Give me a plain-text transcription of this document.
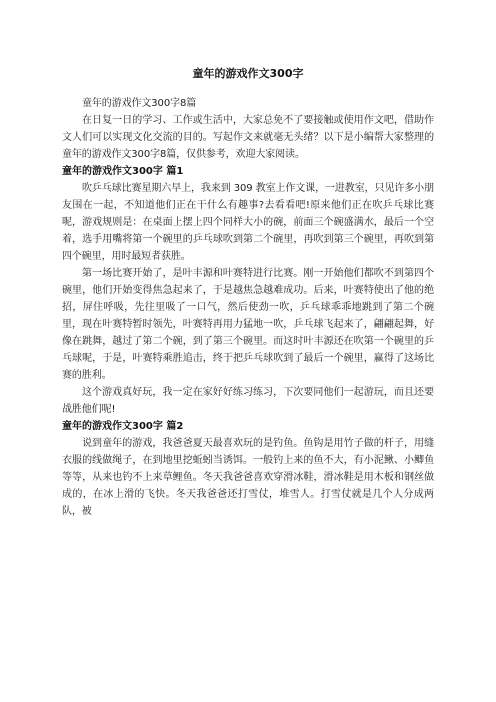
童年的游戏作文300字

童年的游戏作文300字8篇

在日复一日的学习、工作或生活中，大家总免不了要接触或使用作文吧，借助作文人们可以实现文化交流的目的。写起作文来就毫无头绪？以下是小编帮大家整理的童年的游戏作文300字8篇，仅供参考，欢迎大家阅读。

童年的游戏作文300字 篇1

吹乒乓球比赛星期六早上，我来到 309 教室上作文课，一进教室，只见许多小朋友围在一起，不知道他们正在干什么有趣事?去看看吧!原来他们正在吹乒乓球比赛呢，游戏规则是：在桌面上摆上四个同样大小的碗，前面三个碗盛满水，最后一个空着，选手用嘴将第一个碗里的乒乓球吹到第二个碗里，再吹到第三个碗里，再吹到第四个碗里，用时最短者获胜。

第一场比赛开始了，是叶丰源和叶赛特进行比赛。刚一开始他们都吹不到第四个碗里，他们开始变得焦急起来了，于是越焦急越难成功。后来，叶赛特使出了他的绝招，屏住呼吸，先往里吸了一口气，然后使劲一吹，乒乓球乖乖地跳到了第二个碗里，现在叶赛特暂时领先，叶赛特再用力猛地一吹，乒乓球飞起来了，翩翩起舞，好像在跳舞，越过了第二个碗，到了第三个碗里。而这时叶丰源还在吹第一个碗里的乒乓球呢，于是，叶赛特乘胜追击，终于把乒乓球吹到了最后一个碗里，赢得了这场比赛的胜利。

这个游戏真好玩，我一定在家好好练习练习，下次要同他们一起游玩，而且还要战胜他们呢!

童年的游戏作文300字 篇2

说到童年的游戏，我爸爸夏天最喜欢玩的是钓鱼。鱼钩是用竹子做的杆子，用缝衣服的线做绳子，在到地里挖蚯蚓当诱饵。一般钓上来的鱼不大，有小泥鳅、小鲫鱼等等，从来也钓不上来草鲤鱼。冬天我爸爸喜欢穿滑冰鞋，滑冰鞋是用木板和钢丝做成的，在冰上滑的飞快。冬天我爸爸还打雪仗，堆雪人。打雪仗就是几个人分成两队，被
